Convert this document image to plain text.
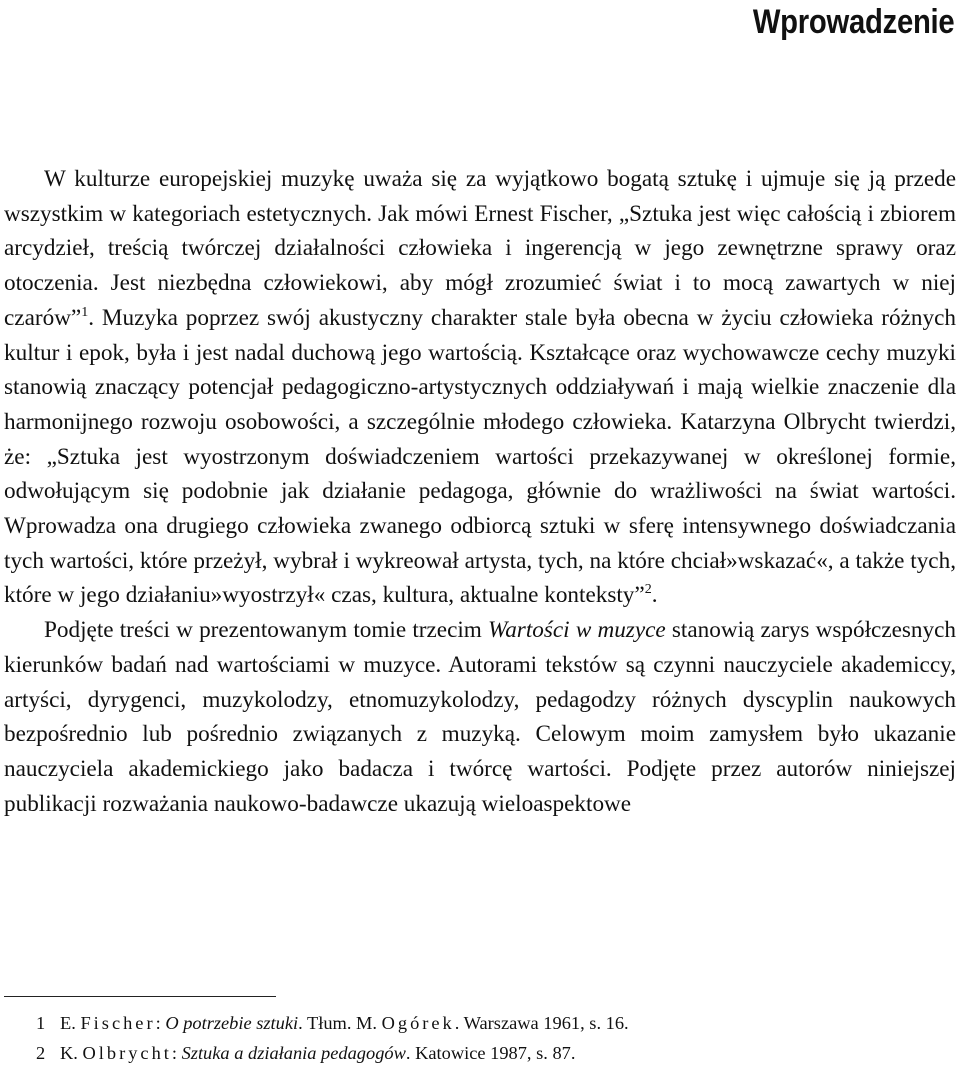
Wprowadzenie

W kulturze europejskiej muzykę uważa się za wyjątkowo bogatą sztukę i ujmuje się ją przede wszystkim w kategoriach estetycznych. Jak mówi Ernest Fischer, „Sztuka jest więc całością i zbiorem arcydzieł, treścią twórczej działalności człowieka i ingerencją w jego zewnętrzne sprawy oraz otoczenia. Jest niezbędna człowiekowi, aby mógł zrozumieć świat i to mocą zawartych w niej czarów”$^1$. Muzyka poprzez swój akustyczny charakter stale była obecna w życiu człowieka różnych kultur i epok, była i jest nadal duchową jego wartością. Kształcące oraz wychowawcze cechy muzyki stanowią znaczący potencjał pedagogiczno-artystycznych oddziaływań i mają wielkie znaczenie dla harmonijnego rozwoju osobowości, a szczególnie młodego człowieka. Katarzyna Olbrycht twierdzi, że: „Sztuka jest wyostrzonym doświadczeniem wartości przekazywanej w określonej formie, odwołującym się podobnie jak działanie pedagoga, głównie do wrażliwości na świat wartości. Wprowadza ona drugiego człowieka zwanego odbiorcą sztuki w sferę intensywnego doświadczania tych wartości, które przeżył, wybrał i wykreował artysta, tych, na które chciał»wskazać«, a także tych, które w jego działaniu»wyostrzył« czas, kultura, aktualne konteksty”$^2$.

Podjęte treści w prezentowanym tomie trzecim Wartości w muzyce stanowią zarys współczesnych kierunków badań nad wartościami w muzyce. Autorami tekstów są czynni nauczyciele akademiccy, artyści, dyrygenci, muzykolodzy, etnomuzykolodzy, pedagodzy różnych dyscyplin naukowych bezpośrednio lub pośrednio związanych z muzyką. Celowym moim zamysłem było ukazanie nauczyciela akademickiego jako badacza i twórcę wartości. Podjęte przez autorów niniejszej publikacji rozważania naukowo-badawcze ukazują wieloaspektowe

1 E. Fischer: O potrzebie sztuki. Tłum. M. Ogórek. Warszawa 1961, s. 16.

2 K. Olbrycht: Sztuka a działania pedagogów. Katowice 1987, s. 87.
